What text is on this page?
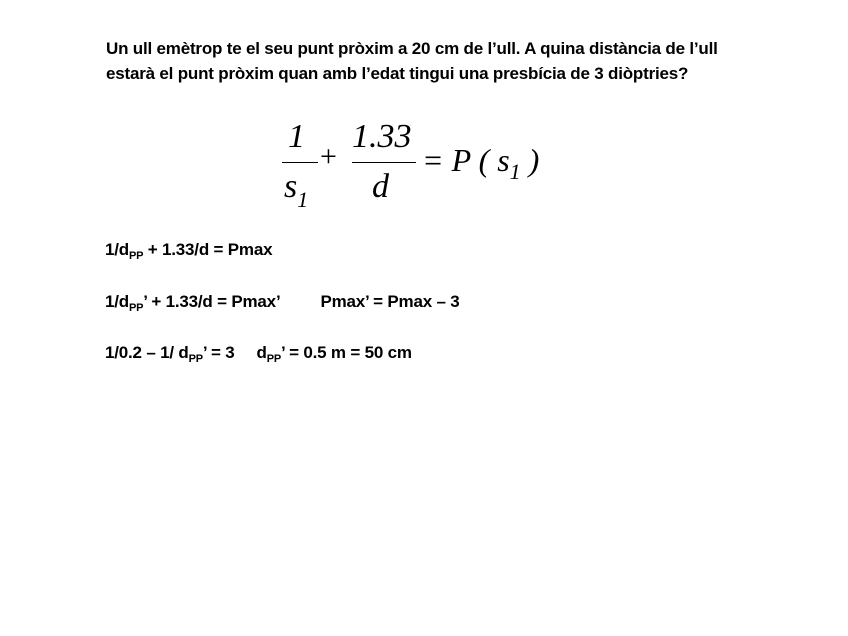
Un ull emètrop te el seu punt pròxim a 20 cm de l’ull. A quina distància de l’ull estarà el punt pròxim quan amb l’edat tingui una presbícia de 3 diòptries?
1
$s_1$
+
1.33
d
= P ( $s_1$ )
$1/d_{PP} + 1.33/d = Pmax$
$1/d_{PP}$’ + 1.33/d = Pmax’ Pmax’ = Pmax – 3
1/0.2 – 1/ $d_{PP}$’ = 3 $d_{PP}$’ = 0.5 m = 50 cm
